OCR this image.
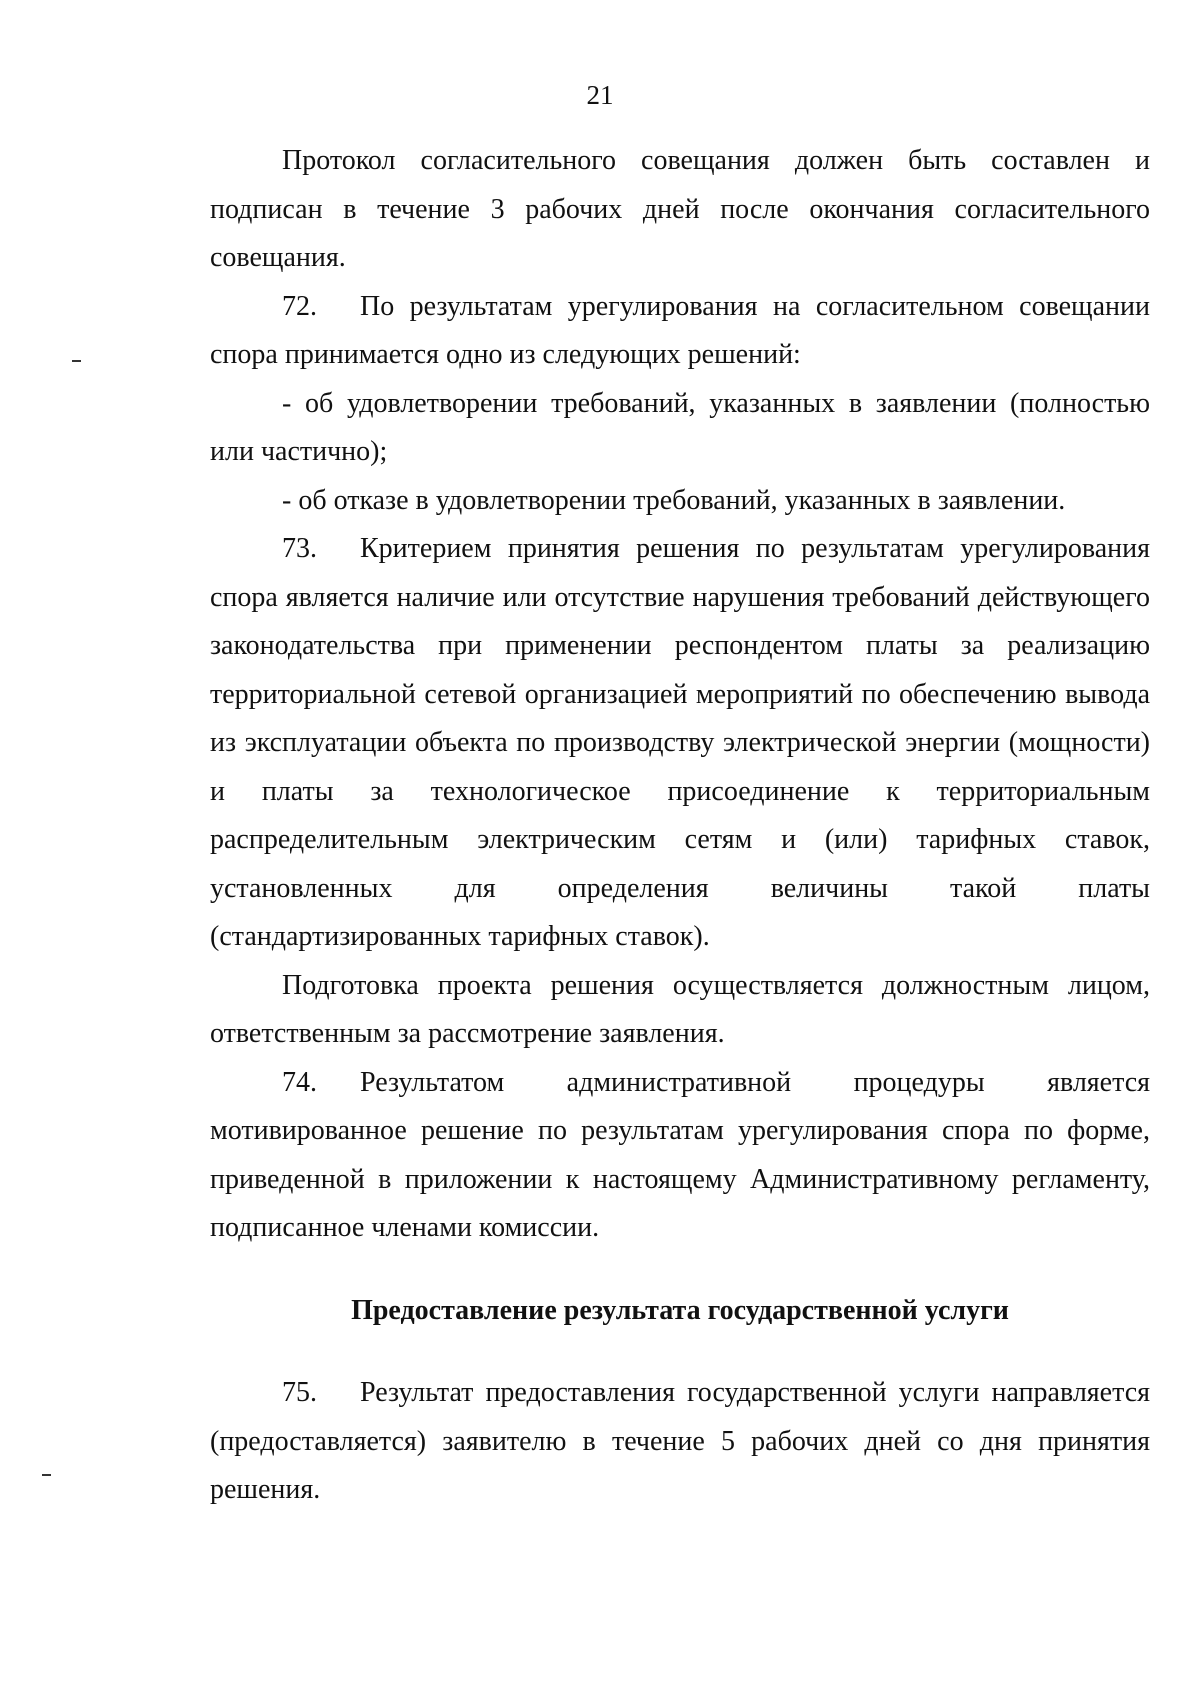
21

Протокол согласительного совещания должен быть составлен и подписан в течение 3 рабочих дней после окончания согласительного совещания.

72. По результатам урегулирования на согласительном совещании спора принимается одно из следующих решений:

- об удовлетворении требований, указанных в заявлении (полностью или частично);

- об отказе в удовлетворении требований, указанных в заявлении.

73. Критерием принятия решения по результатам урегулирования спора является наличие или отсутствие нарушения требований действующего законодательства при применении респондентом платы за реализацию территориальной сетевой организацией мероприятий по обеспечению вывода из эксплуатации объекта по производству электрической энергии (мощности) и платы за технологическое присоединение к территориальным распределительным электрическим сетям и (или) тарифных ставок, установленных для определения величины такой платы (стандартизированных тарифных ставок).

Подготовка проекта решения осуществляется должностным лицом, ответственным за рассмотрение заявления.

74. Результатом административной процедуры является мотивированное решение по результатам урегулирования спора по форме, приведенной в приложении к настоящему Административному регламенту, подписанное членами комиссии.

Предоставление результата государственной услуги

75. Результат предоставления государственной услуги направляется (предоставляется) заявителю в течение 5 рабочих дней со дня принятия решения.
